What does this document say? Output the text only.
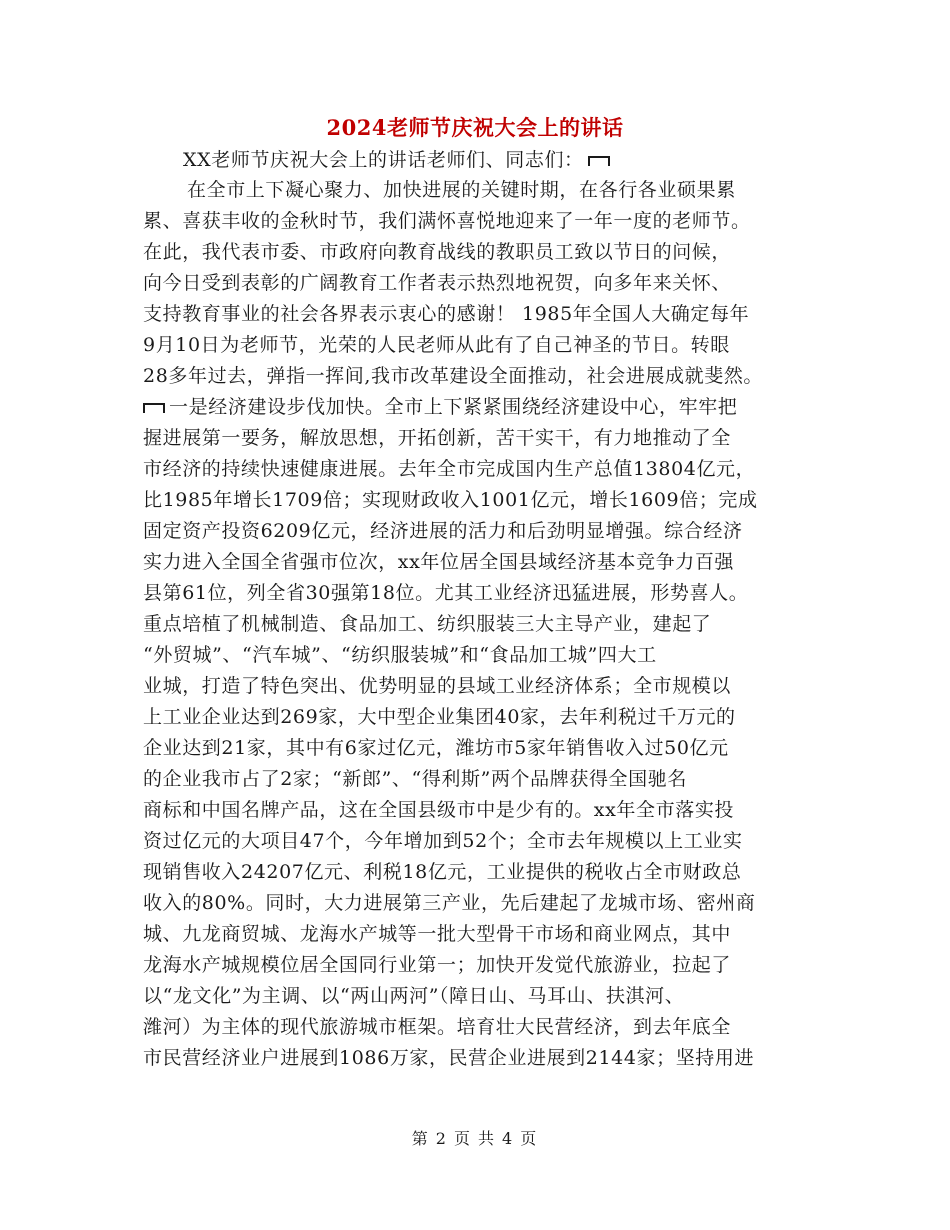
2024老师节庆祝大会上的讲话
XX老师节庆祝大会上的讲话老师们、同志们：
在全市上下凝心聚力、加快进展的关键时期，在各行各业硕果累
累、喜获丰收的金秋时节，我们满怀喜悦地迎来了一年一度的老师节。
在此，我代表市委、市政府向教育战线的教职员工致以节日的问候，
向今日受到表彰的广阔教育工作者表示热烈地祝贺，向多年来关怀、
支持教育事业的社会各界表示衷心的感谢！ 1985年全国人大确定每年
9月10日为老师节，光荣的人民老师从此有了自己神圣的节日。转眼
28多年过去，弹指一挥间,我市改革建设全面推动，社会进展成就斐然。
一是经济建设步伐加快。全市上下紧紧围绕经济建设中心，牢牢把
握进展第一要务，解放思想，开拓创新，苦干实干，有力地推动了全
市经济的持续快速健康进展。去年全市完成国内生产总值13804亿元，
比1985年增长1709倍；实现财政收入1001亿元，增长1609倍；完成
固定资产投资6209亿元，经济进展的活力和后劲明显增强。综合经济
实力进入全国全省强市位次，xx年位居全国县域经济基本竞争力百强
县第61位，列全省30强第18位。尤其工业经济迅猛进展，形势喜人。
重点培植了机械制造、食品加工、纺织服装三大主导产业，建起了
“外贸城”、“汽车城”、“纺织服装城”和“食品加工城”四大工
业城，打造了特色突出、优势明显的县域工业经济体系；全市规模以
上工业企业达到269家，大中型企业集团40家，去年利税过千万元的
企业达到21家，其中有6家过亿元，潍坊市5家年销售收入过50亿元
的企业我市占了2家；“新郎”、“得利斯”两个品牌获得全国驰名
商标和中国名牌产品，这在全国县级市中是少有的。xx年全市落实投
资过亿元的大项目47个，今年增加到52个；全市去年规模以上工业实
现销售收入24207亿元、利税18亿元，工业提供的税收占全市财政总
收入的80%。同时，大力进展第三产业，先后建起了龙城市场、密州商
城、九龙商贸城、龙海水产城等一批大型骨干市场和商业网点，其中
龙海水产城规模位居全国同行业第一；加快开发觉代旅游业，拉起了
以“龙文化”为主调、以“两山两河”（障日山、马耳山、扶淇河、
潍河）为主体的现代旅游城市框架。培育壮大民营经济，到去年底全
市民营经济业户进展到1086万家，民营企业进展到2144家；坚持用进
第 2 页 共 4 页
